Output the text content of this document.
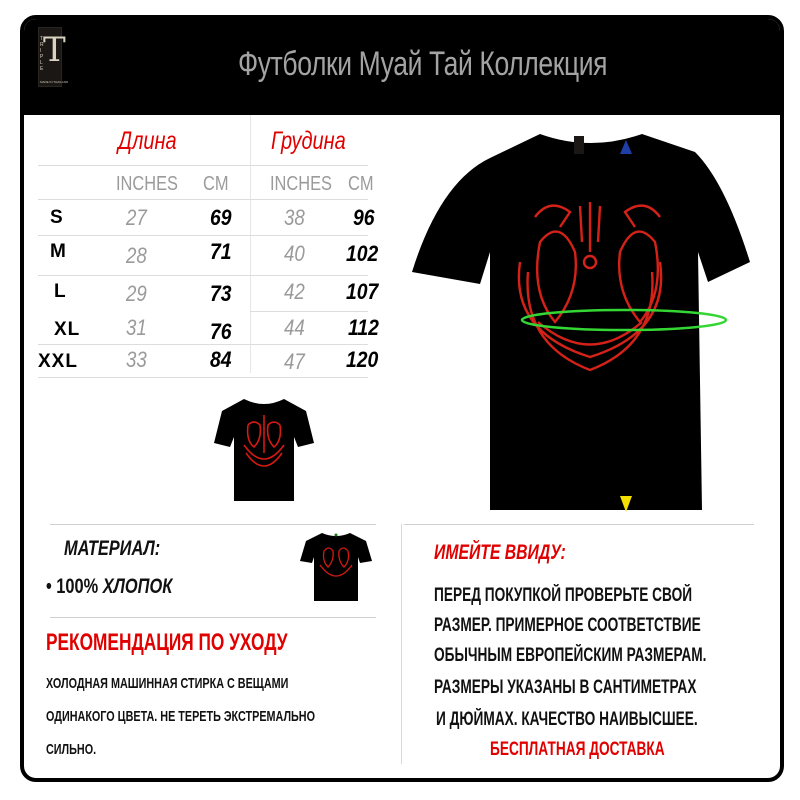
T
R
I
P
L
E T
MADE IN THAILAND	Футболки Муай Тай Коллекция
Длина	Грудина
INCHES CM INCHES CM
S	27	69 38 96
M	28	71 40 102
L	29	73 42 107
XL 31	76 44 112
XXL 33	84 47 120
МАТЕРИАЛ:
• 100% ХЛОПОК
РЕКОМЕНДАЦИЯ ПО УХОДУ
ХОЛОДНАЯ МАШИННАЯ СТИРКА С ВЕЩАМИ
ОДИНАКОГО ЦВЕТА. НЕ ТЕРЕТЬ ЭКСТРЕМАЛЬНО
СИЛЬНО.
ИМЕЙТЕ ВВИДУ:
ПЕРЕД ПОКУПКОЙ ПРОВЕРЬТЕ СВОЙ
РАЗМЕР. ПРИМЕРНОЕ СООТВЕТСТВИЕ
ОБЫЧНЫМ ЕВРОПЕЙСКИМ РАЗМЕРАМ.
РАЗМЕРЫ УКАЗАНЫ В САНТИМЕТРАХ
И ДЮЙМАХ. КАЧЕСТВО НАИВЫСШЕЕ.
БЕСПЛАТНАЯ ДОСТАВКА
